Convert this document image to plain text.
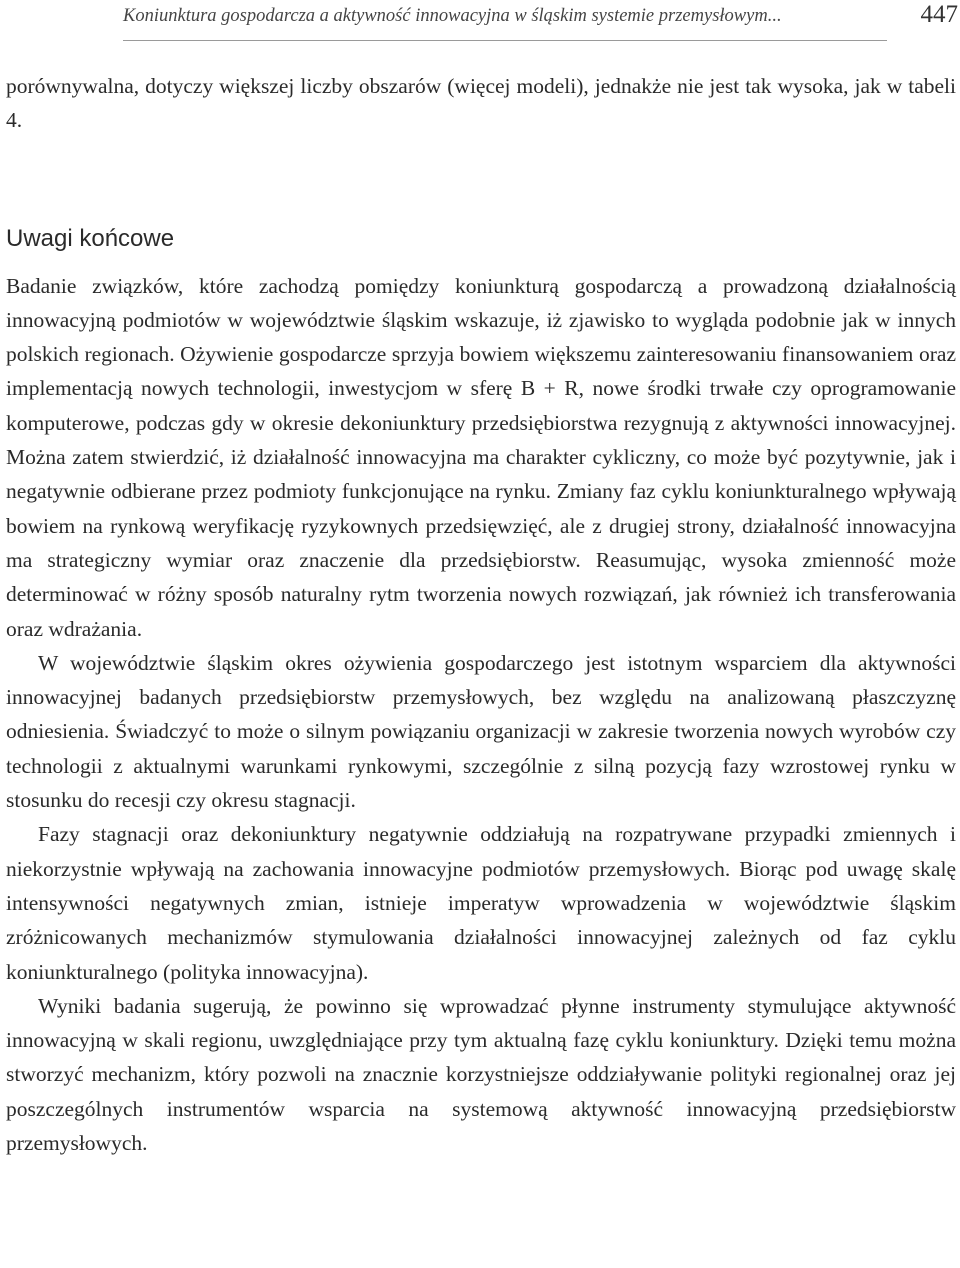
Koniunktura gospodarcza a aktywność innowacyjna w śląskim systemie przemysłowym...	447

porównywalna, dotyczy większej liczby obszarów (więcej modeli), jednakże nie jest tak wysoka, jak w tabeli 4.

Uwagi końcowe

Badanie związków, które zachodzą pomiędzy koniunkturą gospodarczą a prowadzoną działalnością innowacyjną podmiotów w województwie śląskim wskazuje, iż zjawisko to wygląda podobnie jak w innych polskich regionach. Ożywienie gospodarcze sprzyja bowiem większemu zainteresowaniu finansowaniem oraz implementacją nowych technologii, inwestycjom w sferę B + R, nowe środki trwałe czy oprogramowanie komputerowe, podczas gdy w okresie dekoniunktury przedsiębiorstwa rezygnują z aktywności innowacyjnej. Można zatem stwierdzić, iż działalność innowacyjna ma charakter cykliczny, co może być pozytywnie, jak i negatywnie odbierane przez podmioty funkcjonujące na rynku. Zmiany faz cyklu koniunkturalnego wpływają bowiem na rynkową weryfikację ryzykownych przedsięwzięć, ale z drugiej strony, działalność innowacyjna ma strategiczny wymiar oraz znaczenie dla przedsiębiorstw. Reasumując, wysoka zmienność może determinować w różny sposób naturalny rytm tworzenia nowych rozwiązań, jak również ich transferowania oraz wdrażania.

W województwie śląskim okres ożywienia gospodarczego jest istotnym wsparciem dla aktywności innowacyjnej badanych przedsiębiorstw przemysłowych, bez względu na analizowaną płaszczyznę odniesienia. Świadczyć to może o silnym powiązaniu organizacji w zakresie tworzenia nowych wyrobów czy technologii z aktualnymi warunkami rynkowymi, szczególnie z silną pozycją fazy wzrostowej rynku w stosunku do recesji czy okresu stagnacji.

Fazy stagnacji oraz dekoniunktury negatywnie oddziałują na rozpatrywane przypadki zmiennych i niekorzystnie wpływają na zachowania innowacyjne podmiotów przemysłowych. Biorąc pod uwagę skalę intensywności negatywnych zmian, istnieje imperatyw wprowadzenia w województwie śląskim zróżnicowanych mechanizmów stymulowania działalności innowacyjnej zależnych od faz cyklu koniunkturalnego (polityka innowacyjna).

Wyniki badania sugerują, że powinno się wprowadzać płynne instrumenty stymulujące aktywność innowacyjną w skali regionu, uwzględniające przy tym aktualną fazę cyklu koniunktury. Dzięki temu można stworzyć mechanizm, który pozwoli na znacznie korzystniejsze oddziaływanie polityki regionalnej oraz jej poszczególnych instrumentów wsparcia na systemową aktywność innowacyjną przedsiębiorstw przemysłowych.
